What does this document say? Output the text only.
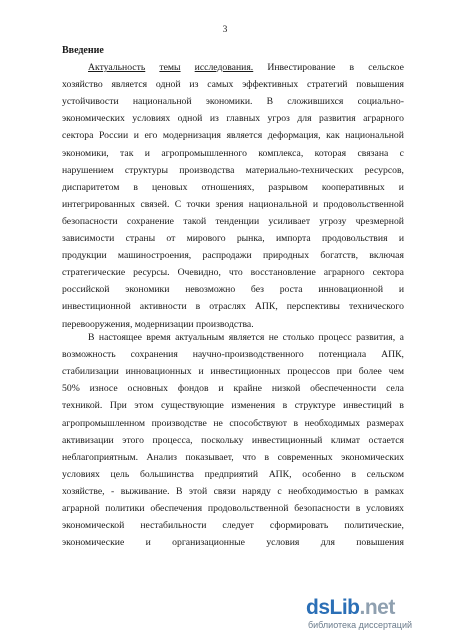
3
Введение
Актуальность темы исследования. Инвестирование в сельское
хозяйство является одной из самых эффективных стратегий повышения
устойчивости национальной экономики. В сложившихся социально-
экономических условиях одной из главных угроз для развития аграрного
сектора России и его модернизация является деформация, как национальной
экономики, так и агропромышленного комплекса, которая связана с
нарушением структуры производства материально-технических ресурсов,
диспаритетом в ценовых отношениях, разрывом кооперативных и
интегрированных связей. С точки зрения национальной и продовольственной
безопасности сохранение такой тенденции усиливает угрозу чрезмерной
зависимости страны от мирового рынка, импорта продовольствия и
продукции машиностроения, распродажи природных богатств, включая
стратегические ресурсы. Очевидно, что восстановление аграрного сектора
российской экономики невозможно без роста инновационной и
инвестиционной активности в отраслях АПК, перспективы технического
перевооружения, модернизации производства.
В настоящее время актуальным является не столько процесс развития, а
возможность сохранения научно-производственного потенциала АПК,
стабилизации инновационных и инвестиционных процессов при более чем
50% износе основных фондов и крайне низкой обеспеченности села
техникой. При этом существующие изменения в структуре инвестиций в
агропромышленном производстве не способствуют в необходимых размерах
активизации этого процесса, поскольку инвестиционный климат остается
неблагоприятным. Анализ показывает, что в современных экономических
условиях цель большинства предприятий АПК, особенно в сельском
хозяйстве, - выживание. В этой связи наряду с необходимостью в рамках
аграрной политики обеспечения продовольственной безопасности в условиях
экономической нестабильности следует сформировать политические,
экономические и организационные условия для повышения
dsLib.net
библиотека диссертаций
